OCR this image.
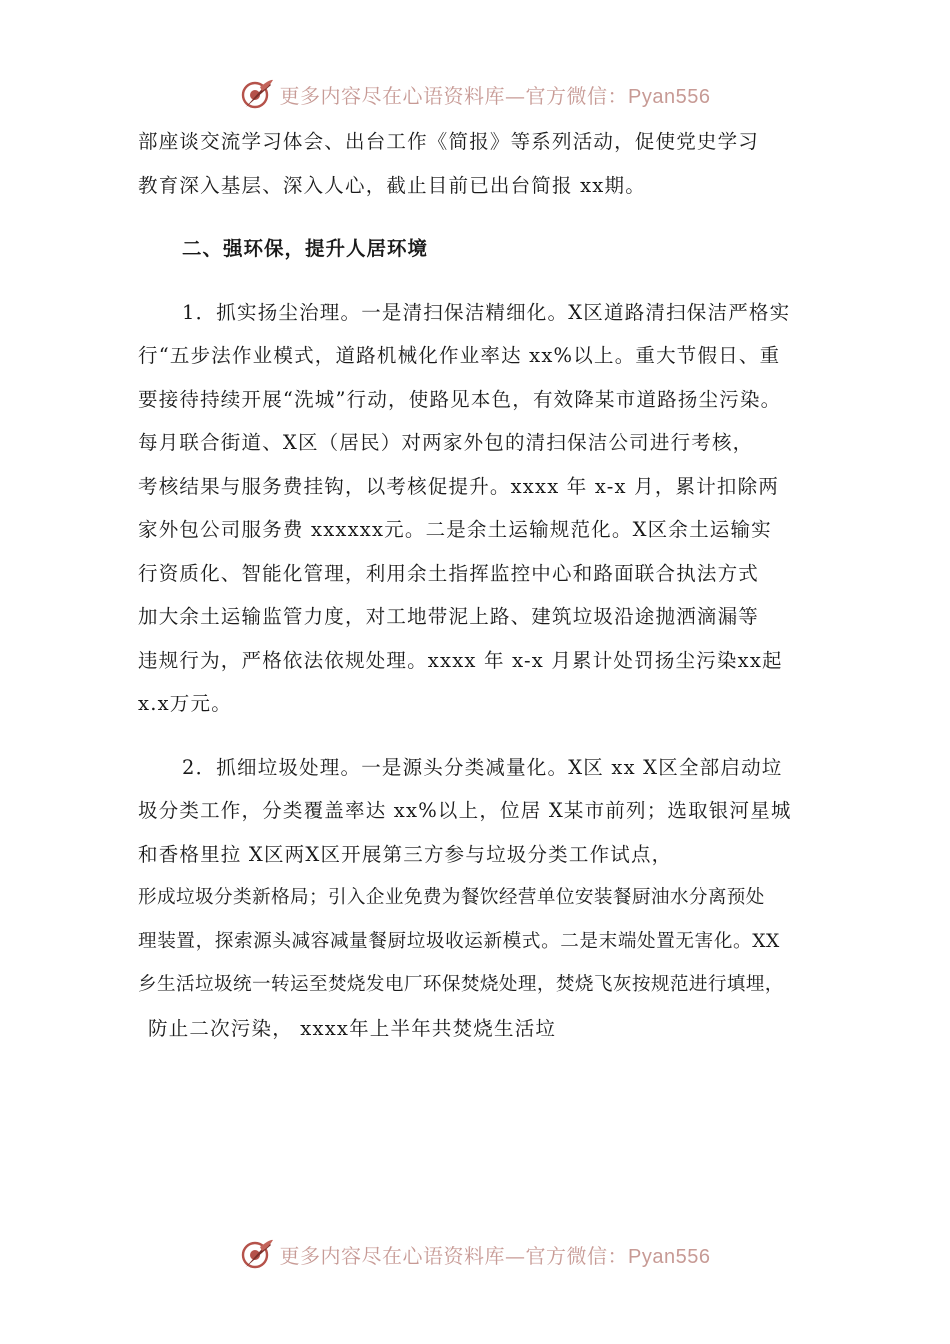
更多内容尽在心语资料库—官方微信：Pyan556
部座谈交流学习体会、出台工作《简报》等系列活动，促使党史学习
教育深入基层、深入人心，截止目前已出台简报 xx期。
二、强环保，提升人居环境
1．抓实扬尘治理。一是清扫保洁精细化。X区道路清扫保洁严格实
行“五步法作业模式，道路机械化作业率达 xx%以上。重大节假日、重
要接待持续开展“洗城”行动，使路见本色，有效降某市道路扬尘污染。
每月联合街道、X区（居民）对两家外包的清扫保洁公司进行考核，
考核结果与服务费挂钩，以考核促提升。xxxx 年 x-x 月，累计扣除两
家外包公司服务费 xxxxxx元。二是余土运输规范化。X区余土运输实
行资质化、智能化管理，利用余土指挥监控中心和路面联合执法方式
加大余土运输监管力度，对工地带泥上路、建筑垃圾沿途抛洒滴漏等
违规行为，严格依法依规处理。xxxx 年 x-x 月累计处罚扬尘污染xx起
x.x万元。
2．抓细垃圾处理。一是源头分类减量化。X区 xx X区全部启动垃
圾分类工作，分类覆盖率达 xx%以上，位居 X某市前列；选取银河星城
和香格里拉 X区两X区开展第三方参与垃圾分类工作试点，
形成垃圾分类新格局；引入企业免费为餐饮经营单位安装餐厨油水分离预处
理装置，探索源头减容减量餐厨垃圾收运新模式。二是末端处置无害化。XX
乡生活垃圾统一转运至焚烧发电厂环保焚烧处理，焚烧飞灰按规范进行填埋，
防止二次污染， xxxx年上半年共焚烧生活垃
更多内容尽在心语资料库—官方微信：Pyan556
